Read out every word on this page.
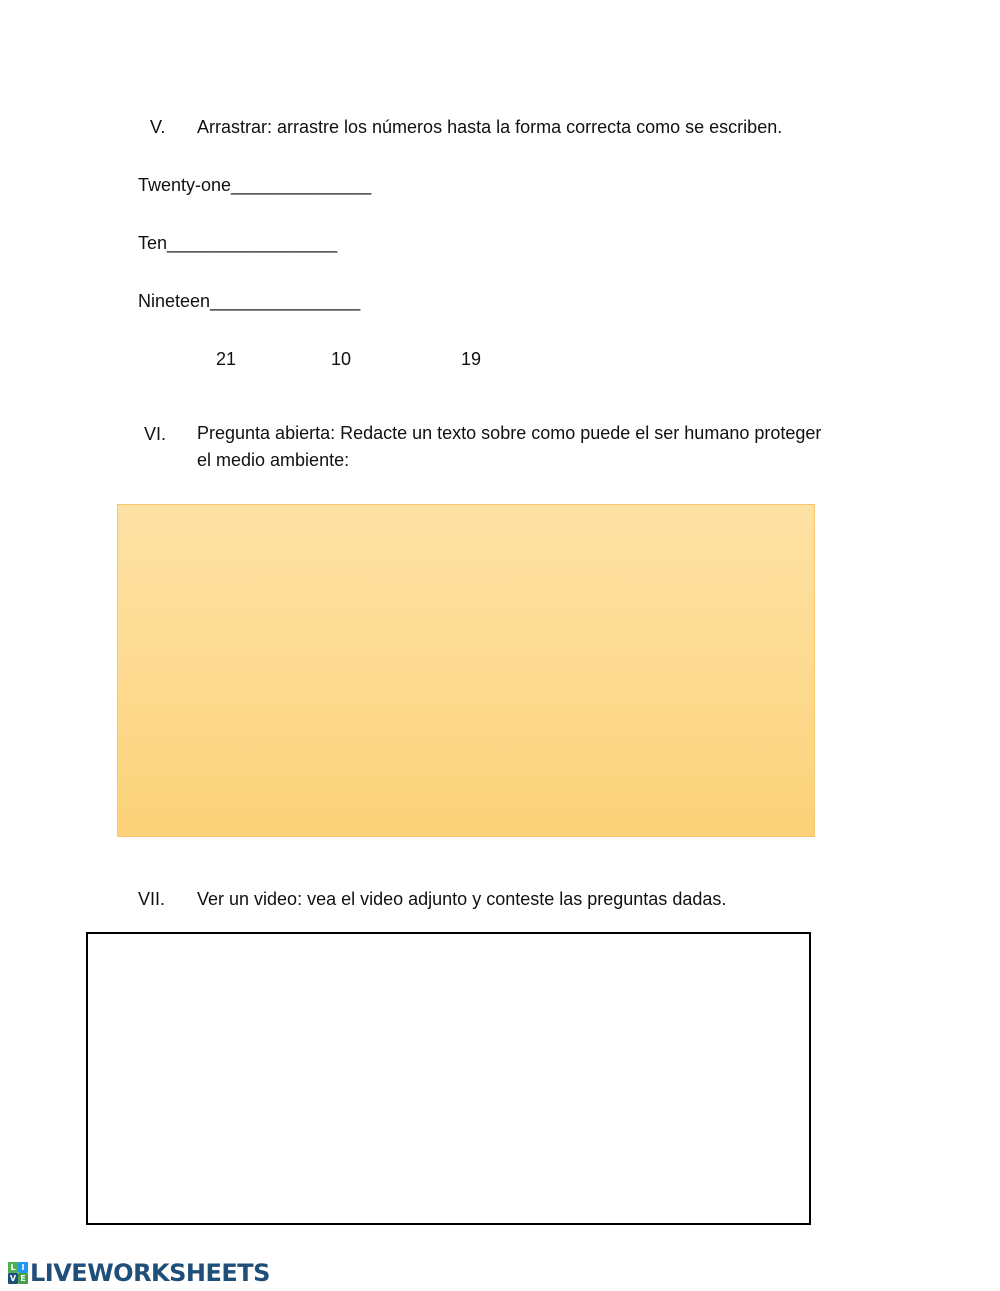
V. Arrastrar: arrastre los números hasta la forma correcta como se escriben.
Twenty-one______________
Ten_________________
Nineteen_______________
21	10	19
VI. Pregunta abierta: Redacte un texto sobre como puede el ser humano proteger el medio ambiente:
VII. Ver un video: vea el video adjunto y conteste las preguntas dadas.
L I
V E LIVEWORKSHEETS
